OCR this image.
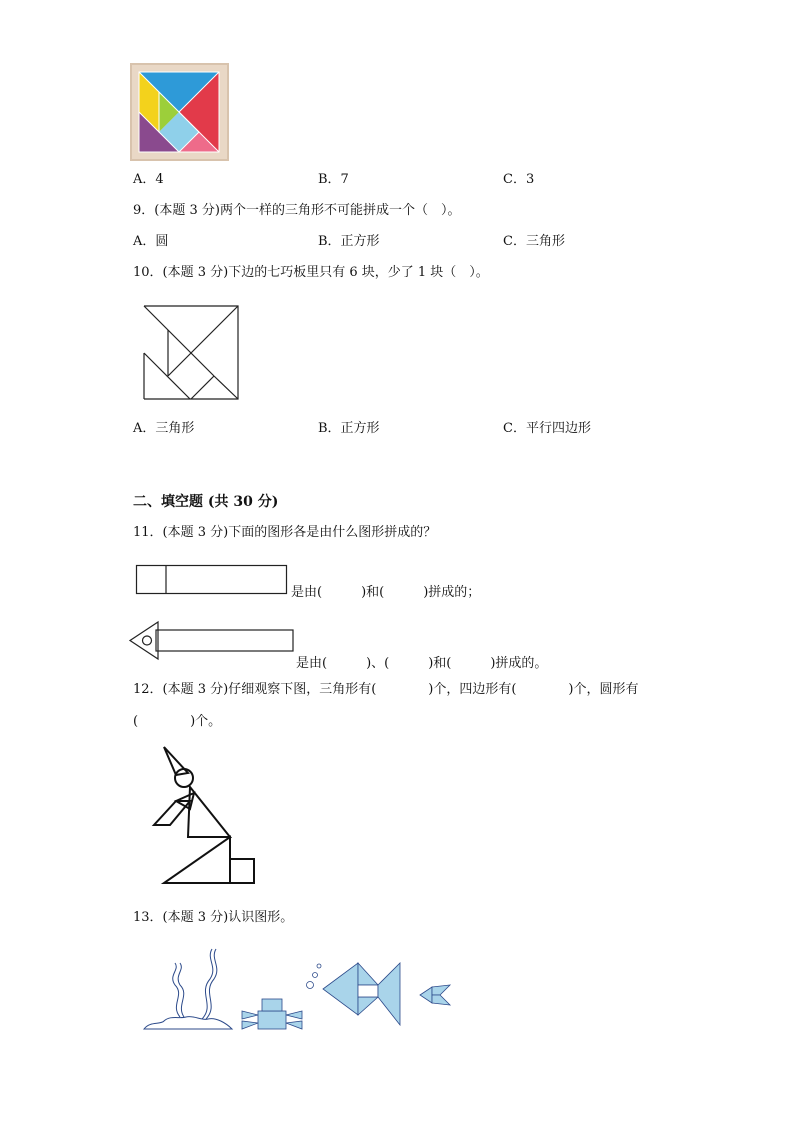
A．4	B．7	C．3
9．(本题 3 分)两个一样的三角形不可能拼成一个（　）。
A．圆	B．正方形	C．三角形
10．(本题 3 分)下边的七巧板里只有 6 块，少了 1 块（　）。
A．三角形	B．正方形	C．平行四边形
二、填空题 (共 30 分)
11．(本题 3 分)下面的图形各是由什么图形拼成的？
是由(　　　)和(　　　)拼成的；
是由(　　　)、(　　　)和(　　　)拼成的。
12．(本题 3 分)仔细观察下图，三角形有(　　　　)个，四边形有(　　　　)个，圆形有
(　　　　)个。
13．(本题 3 分)认识图形。
